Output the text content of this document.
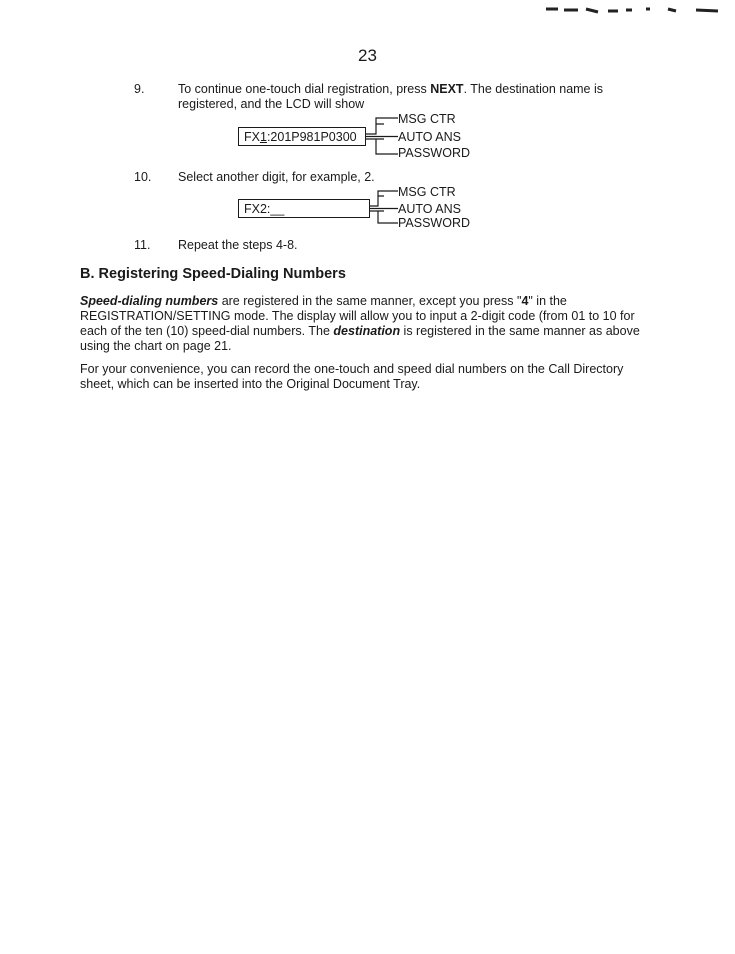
23
9.	To continue one-touch dial registration, press NEXT. The destination name is registered, and the LCD will show
FX1:201P981P0300
MSG CTR
AUTO ANS
PASSWORD
10. Select another digit, for example, 2.
FX2:__
MSG CTR
AUTO ANS
PASSWORD
11. Repeat the steps 4-8.
B. Registering Speed-Dialing Numbers
Speed-dialing numbers are registered in the same manner, except you press "4" in the REGISTRATION/SETTING mode. The display will allow you to input a 2-digit code (from 01 to 10 for each of the ten (10) speed-dial numbers. The destination is registered in the same manner as above using the chart on page 21.
For your convenience, you can record the one-touch and speed dial numbers on the Call Directory sheet, which can be inserted into the Original Document Tray.
